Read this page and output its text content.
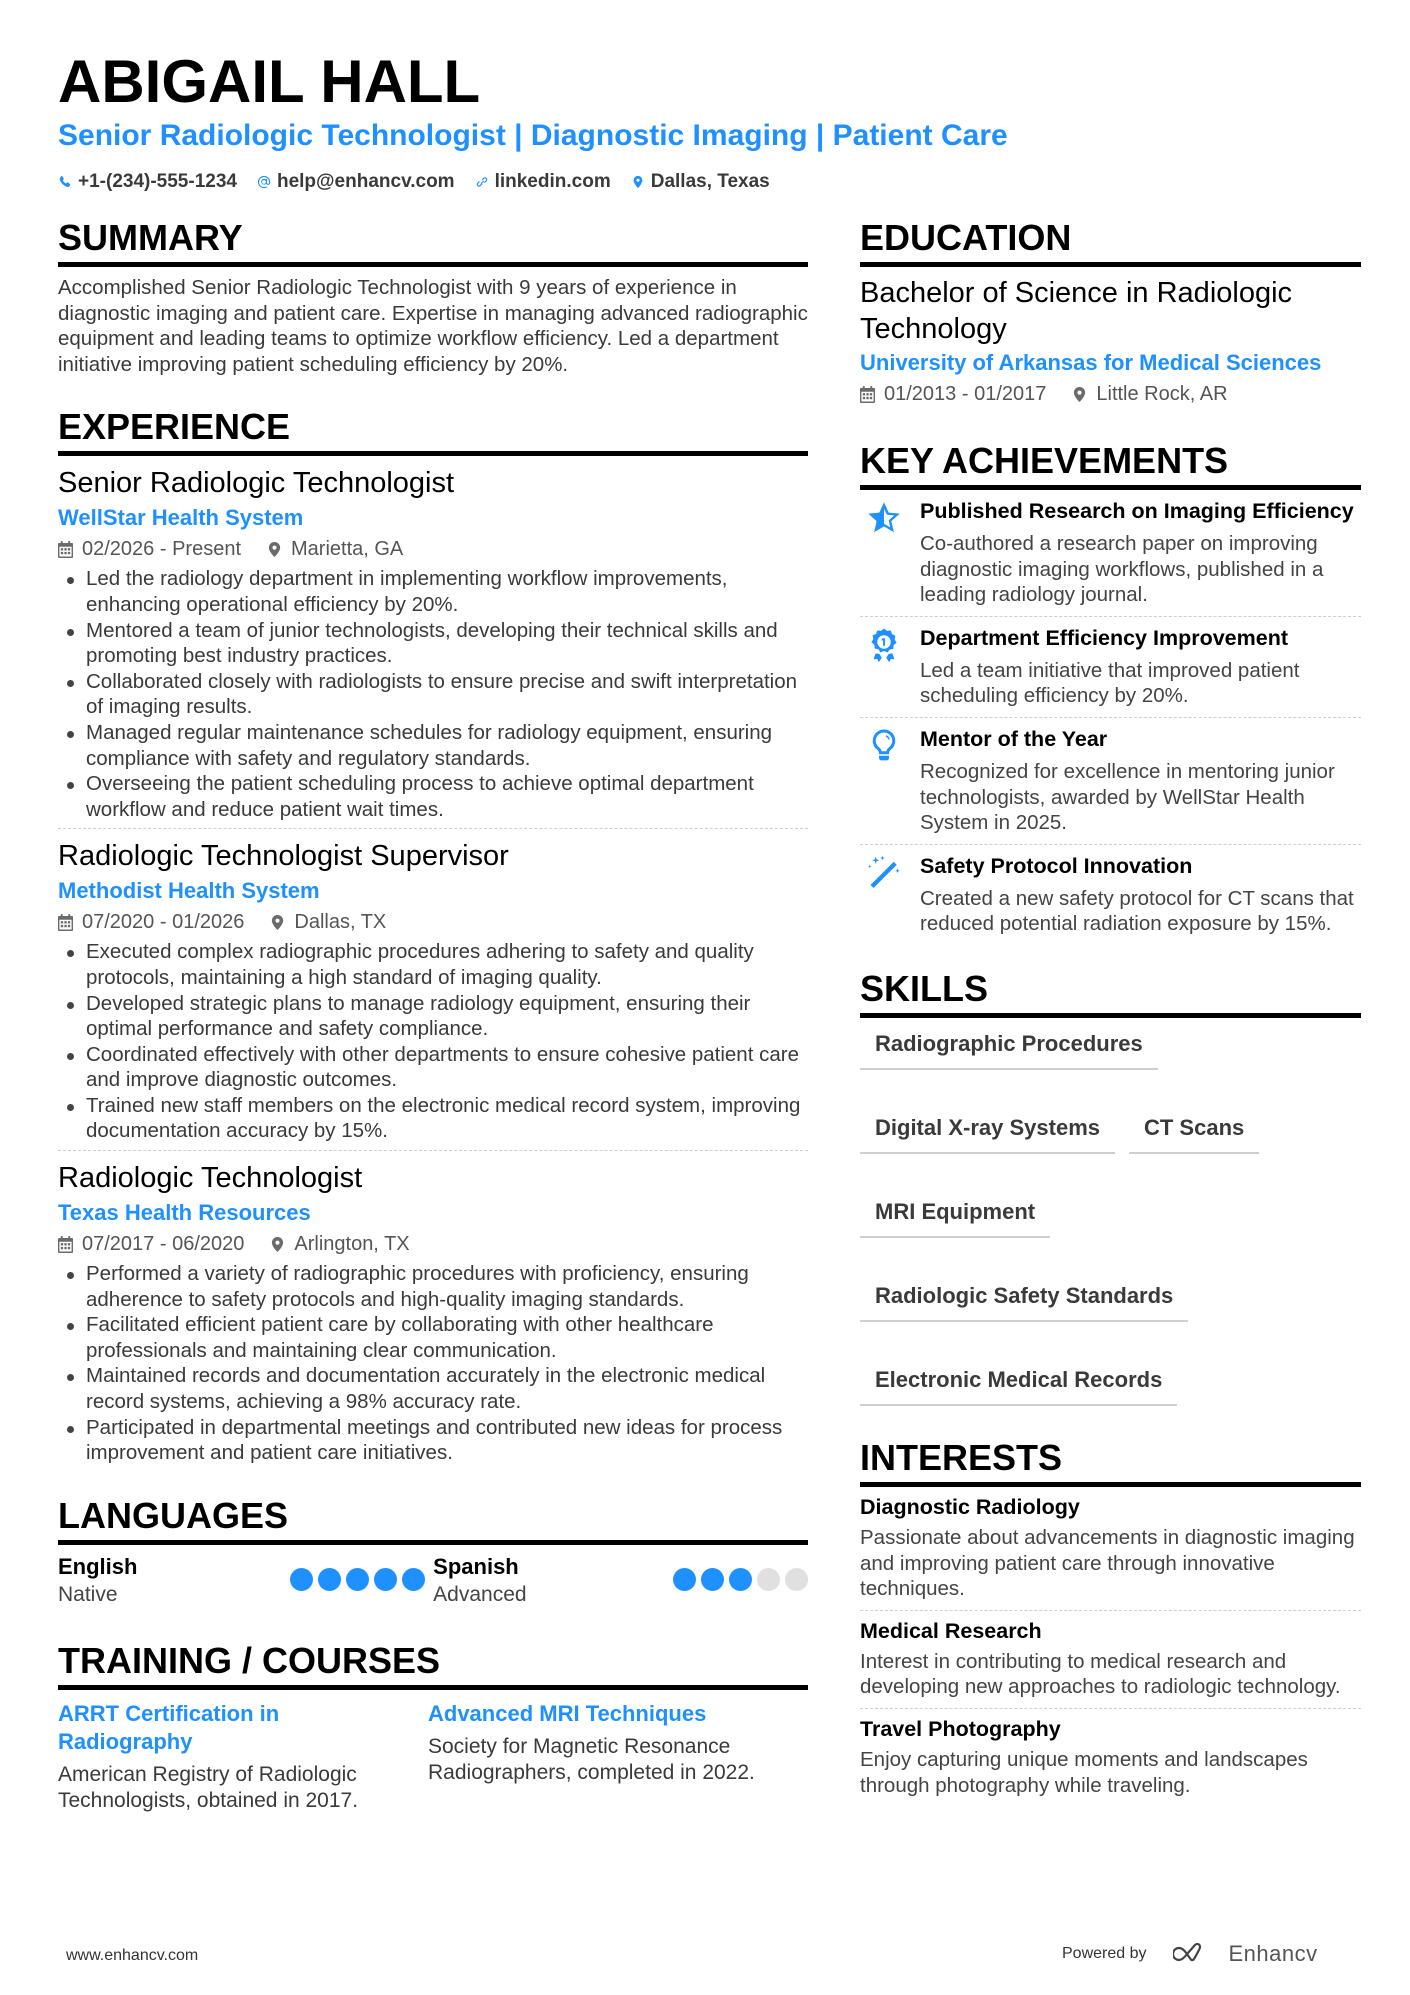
ABIGAIL HALL
Senior Radiologic Technologist | Diagnostic Imaging | Patient Care
+1-(234)-555-1234 help@enhancv.com linkedin.com Dallas, Texas
SUMMARY

Accomplished Senior Radiologic Technologist with 9 years of experience in diagnostic imaging and patient care. Expertise in managing advanced radiographic equipment and leading teams to optimize workflow efficiency. Led a department initiative improving patient scheduling efficiency by 20%.

EXPERIENCE
Senior Radiologic Technologist
WellStar Health System
02/2026 - Present	Marietta, GA
Led the radiology department in implementing workflow improvements, enhancing operational efficiency by 20%.
Mentored a team of junior technologists, developing their technical skills and promoting best industry practices.
Collaborated closely with radiologists to ensure precise and swift interpretation of imaging results.
Managed regular maintenance schedules for radiology equipment, ensuring compliance with safety and regulatory standards.
Overseeing the patient scheduling process to achieve optimal department workflow and reduce patient wait times.
Radiologic Technologist Supervisor
Methodist Health System
07/2020 - 01/2026	Dallas, TX
Executed complex radiographic procedures adhering to safety and quality protocols, maintaining a high standard of imaging quality.
Developed strategic plans to manage radiology equipment, ensuring their optimal performance and safety compliance.
Coordinated effectively with other departments to ensure cohesive patient care and improve diagnostic outcomes.
Trained new staff members on the electronic medical record system, improving documentation accuracy by 15%.
Radiologic Technologist
Texas Health Resources
07/2017 - 06/2020	Arlington, TX
Performed a variety of radiographic procedures with proficiency, ensuring adherence to safety protocols and high-quality imaging standards.
Facilitated efficient patient care by collaborating with other healthcare professionals and maintaining clear communication.
Maintained records and documentation accurately in the electronic medical record systems, achieving a 98% accuracy rate.
Participated in departmental meetings and contributed new ideas for process improvement and patient care initiatives.
LANGUAGES
English
Native
Spanish
Advanced
TRAINING / COURSES
ARRT Certification in Radiography
American Registry of Radiologic Technologists, obtained in 2017.
Advanced MRI Techniques
Society for Magnetic Resonance Radiographers, completed in 2022.
EDUCATION
Bachelor of Science in Radiologic Technology
University of Arkansas for Medical Sciences
01/2013 - 01/2017	Little Rock, AR
KEY ACHIEVEMENTS
Published Research on Imaging Efficiency
Co-authored a research paper on improving diagnostic imaging workflows, published in a leading radiology journal.
Department Efficiency Improvement
Led a team initiative that improved patient scheduling efficiency by 20%.
Mentor of the Year
Recognized for excellence in mentoring junior technologists, awarded by WellStar Health System in 2025.
Safety Protocol Innovation
Created a new safety protocol for CT scans that reduced potential radiation exposure by 15%.
SKILLS
Radiographic Procedures
Digital X-ray Systems	CT Scans
MRI Equipment
Radiologic Safety Standards
Electronic Medical Records
INTERESTS
Diagnostic Radiology
Passionate about advancements in diagnostic imaging and improving patient care through innovative techniques.
Medical Research
Interest in contributing to medical research and developing new approaches to radiologic technology.
Travel Photography
Enjoy capturing unique moments and landscapes through photography while traveling.
www.enhancv.com	Powered by	Enhancv
